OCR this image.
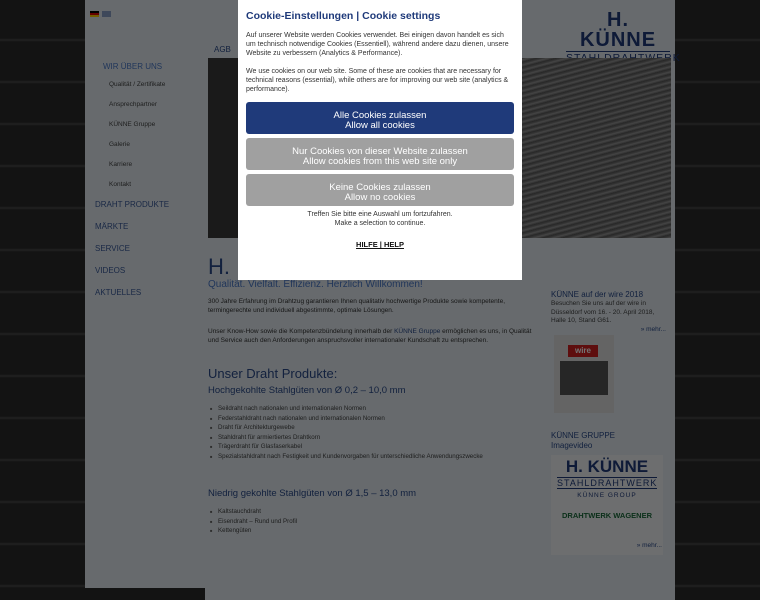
■
■
■
■
■
■
■
■
■
Cookie-Einstellungen | Cookie settings
Auf unserer Website werden Cookies verwendet. Bei einigen davon handelt es sich um technisch notwendige Cookies (Essentiell), während andere dazu dienen, unsere Website zu verbessern (Analytics & Performance).
We use cookies on our web site. Some of these are cookies that are necessary for technical reasons (essential), while others are for improving our web site (analytics & performance).
Alle Cookies zulassen
Allow all cookies
Nur Cookies von dieser Website zulassen
Allow cookies from this web site only
Keine Cookies zulassen
Allow no cookies
Treffen Sie bitte eine Auswahl um fortzufahren.
Make a selection to continue.
HILFE | HELP
